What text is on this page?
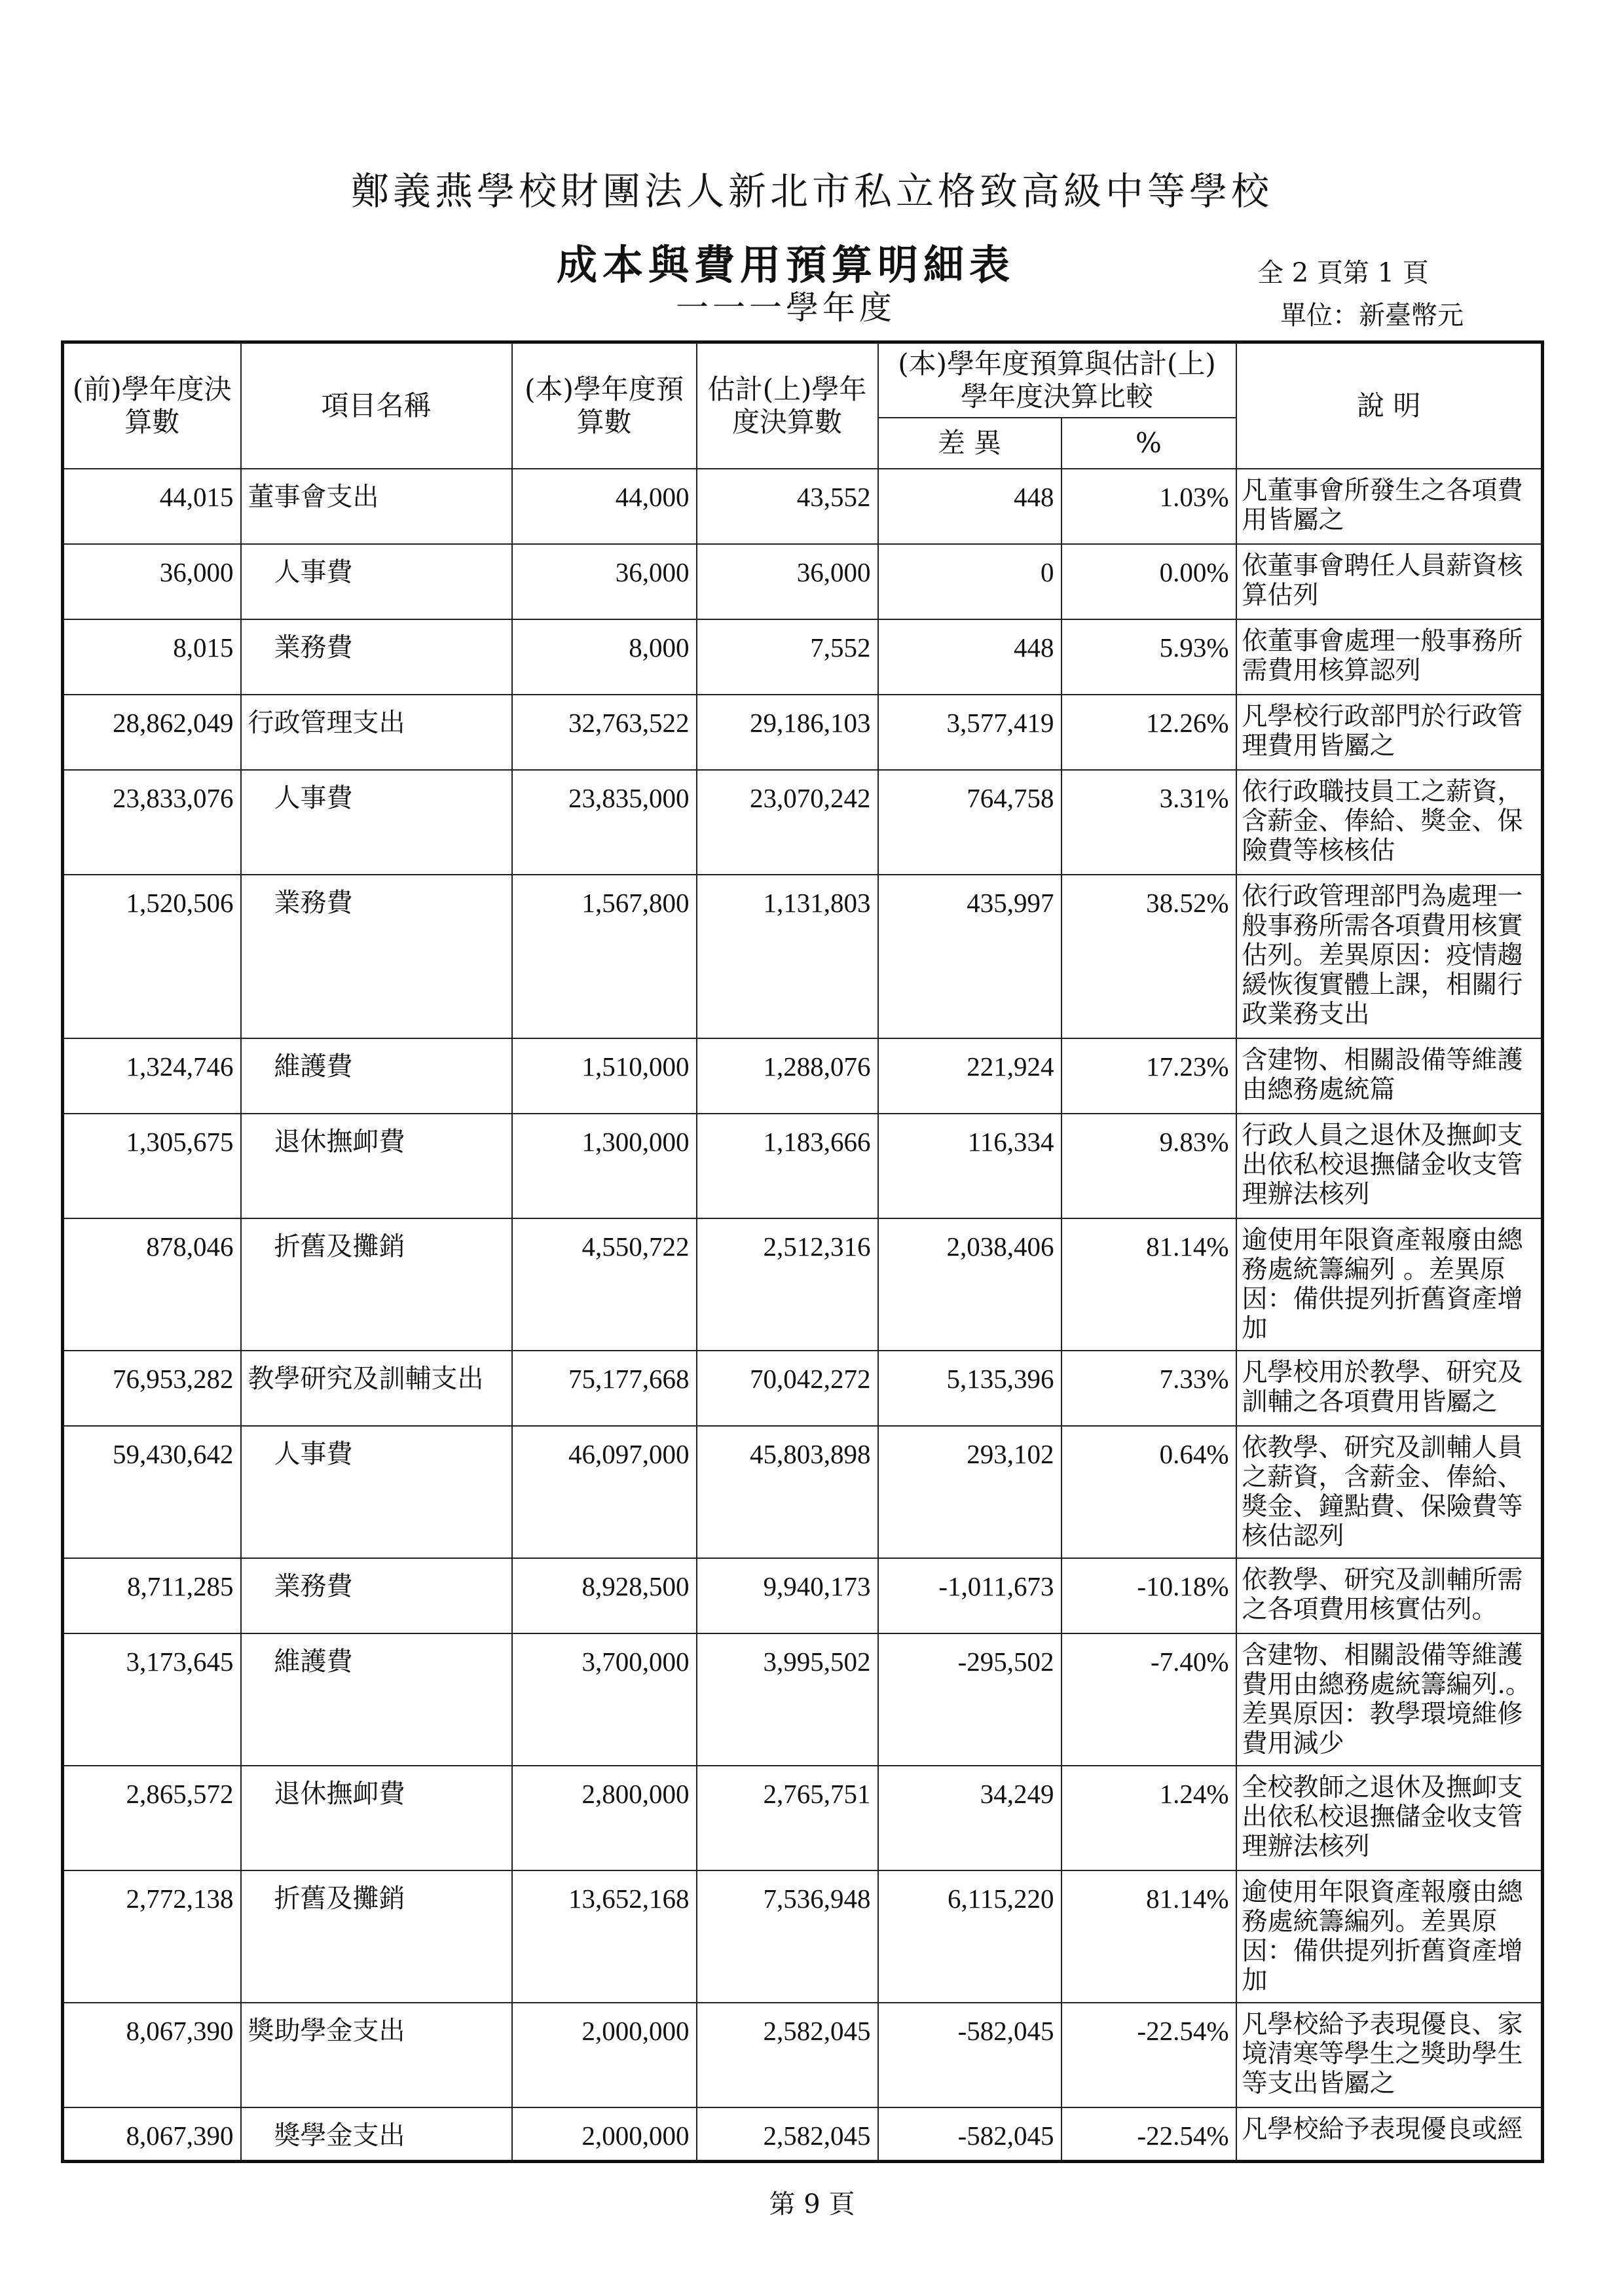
鄭義燕學校財團法人新北市私立格致高級中等學校
成本與費用預算明細表
一一一學年度
全 2 頁第 1 頁
單位：新臺幣元
(前)學年度決算數	項目名稱	(本)學年度預算數	估計(上)學年度決算數	(本)學年度預算與估計(上)學年度決算比較		說 明
				差 異	%	
44,015	董事會支出	44,000	43,552	448	1.03%	凡董事會所發生之各項費用皆屬之
36,000	人事費	36,000	36,000	0	0.00%	依董事會聘任人員薪資核算估列
8,015	業務費	8,000	7,552	448	5.93%	依董事會處理一般事務所需費用核算認列
28,862,049	行政管理支出	32,763,522	29,186,103	3,577,419	12.26%	凡學校行政部門於行政管理費用皆屬之
23,833,076	人事費	23,835,000	23,070,242	764,758	3.31%	依行政職技員工之薪資，含薪金、俸給、獎金、保險費等核核估
1,520,506	業務費	1,567,800	1,131,803	435,997	38.52%	依行政管理部門為處理一般事務所需各項費用核實估列。差異原因：疫情趨緩恢復實體上課，相關行政業務支出
1,324,746	維護費	1,510,000	1,288,076	221,924	17.23%	含建物、相關設備等維護由總務處統篇
1,305,675	退休撫卹費	1,300,000	1,183,666	116,334	9.83%	行政人員之退休及撫卹支出依私校退撫儲金收支管理辦法核列
878,046	折舊及攤銷	4,550,722	2,512,316	2,038,406	81.14%	逾使用年限資產報廢由總務處統籌編列 。差異原因：備供提列折舊資產增加
76,953,282	教學研究及訓輔支出	75,177,668	70,042,272	5,135,396	7.33%	凡學校用於教學、研究及訓輔之各項費用皆屬之
59,430,642	人事費	46,097,000	45,803,898	293,102	0.64%	依教學、研究及訓輔人員之薪資，含薪金、俸給、獎金、鐘點費、保險費等核估認列
8,711,285	業務費	8,928,500	9,940,173	-1,011,673	-10.18%	依教學、研究及訓輔所需之各項費用核實估列。
3,173,645	維護費	3,700,000	3,995,502	-295,502	-7.40%	含建物、相關設備等維護費用由總務處統籌編列.。差異原因：教學環境維修費用減少
2,865,572	退休撫卹費	2,800,000	2,765,751	34,249	1.24%	全校教師之退休及撫卹支出依私校退撫儲金收支管理辦法核列
2,772,138	折舊及攤銷	13,652,168	7,536,948	6,115,220	81.14%	逾使用年限資產報廢由總務處統籌編列。差異原因：備供提列折舊資產增加
8,067,390	獎助學金支出	2,000,000	2,582,045	-582,045	-22.54%	凡學校給予表現優良、家境清寒等學生之獎助學生等支出皆屬之
8,067,390	獎學金支出	2,000,000	2,582,045	-582,045	-22.54%	凡學校給予表現優良或經
第 9 頁
